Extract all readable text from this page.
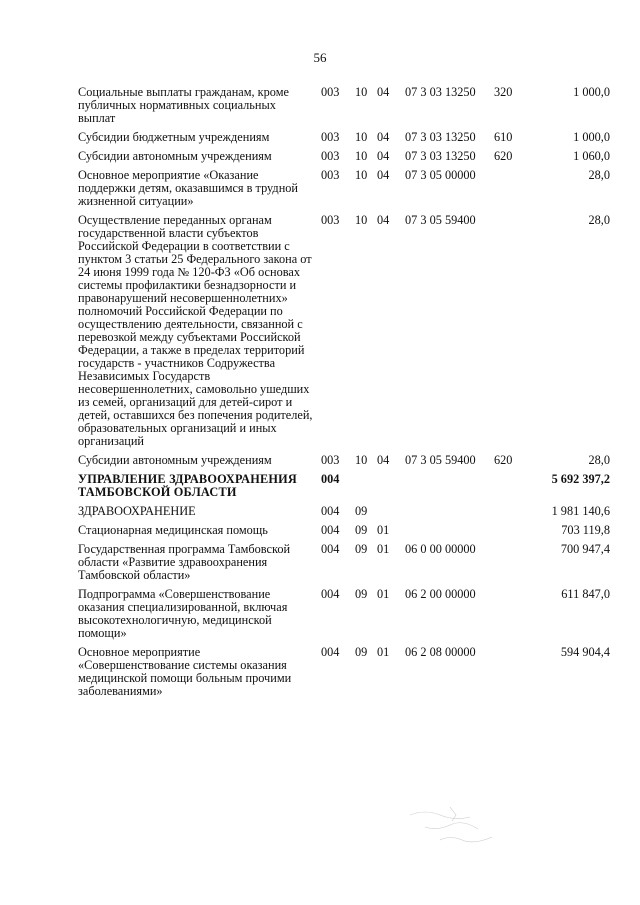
56
Социальные выплаты гражданам, кроме публичных нормативных социальных выплат	003	10	04	07 3 03 13250	320	1 000,0
Субсидии бюджетным учреждениям	003	10	04	07 3 03 13250	610	1 000,0
Субсидии автономным учреждениям	003	10	04	07 3 03 13250	620	1 060,0
Основное мероприятие «Оказание поддержки детям, оказавшимся в трудной жизненной ситуации»	003	10	04	07 3 05 00000		28,0
Осуществление переданных органам государственной власти субъектов Российской Федерации в соответствии с пунктом 3 статьи 25 Федерального закона от 24 июня 1999 года № 120-ФЗ «Об основах системы профилактики безнадзорности и правонарушений несовершеннолетних» полномочий Российской Федерации по осуществлению деятельности, связанной с перевозкой между субъектами Российской Федерации, а также в пределах территорий государств - участников Содружества Независимых Государств несовершеннолетних, самовольно ушедших из семей, организаций для детей-сирот и детей, оставшихся без попечения родителей, образовательных организаций и иных организаций	003	10	04	07 3 05 59400		28,0
Субсидии автономным учреждениям	003	10	04	07 3 05 59400	620	28,0
УПРАВЛЕНИЕ ЗДРАВООХРАНЕНИЯ ТАМБОВСКОЙ ОБЛАСТИ	004					5 692 397,2
ЗДРАВООХРАНЕНИЕ	004	09				1 981 140,6
Стационарная медицинская помощь	004	09	01			703 119,8
Государственная программа Тамбовской области «Развитие здравоохранения Тамбовской области»	004	09	01	06 0 00 00000		700 947,4
Подпрограмма «Совершенствование оказания специализированной, включая высокотехнологичную, медицинской помощи»	004	09	01	06 2 00 00000		611 847,0
Основное мероприятие «Совершенствование системы оказания медицинской помощи больным прочими заболеваниями»	004	09	01	06 2 08 00000		594 904,4
